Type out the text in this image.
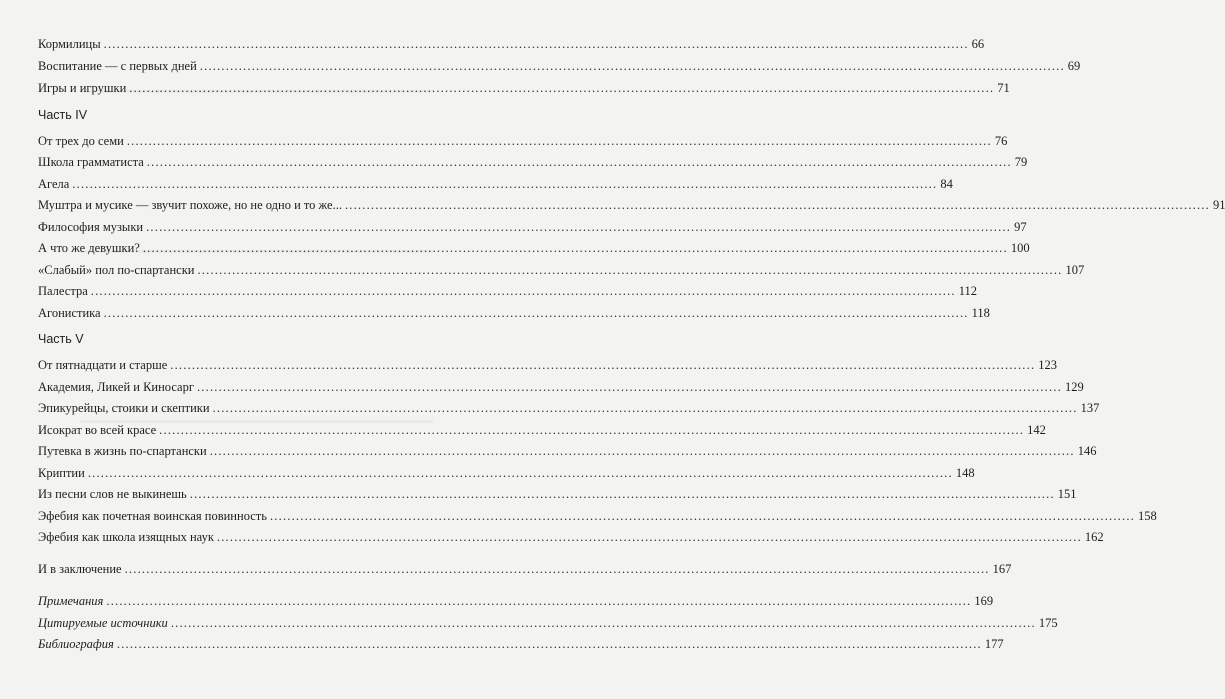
Кормилицы ........................................................................................................................................................................................................ 66
Воспитание — с первых дней ........................................................................................................................................................................................................ 69
Игры и игрушки ........................................................................................................................................................................................................ 71
Часть IV
От трех до семи ........................................................................................................................................................................................................ 76
Школа грамматиста ........................................................................................................................................................................................................ 79
Агела ........................................................................................................................................................................................................ 84
Муштра и мусике — звучит похоже, но не одно и то же... ........................................................................................................................................................................................................ 91
Философия музыки ........................................................................................................................................................................................................ 97
А что же девушки? ........................................................................................................................................................................................................ 100
«Слабый» пол по-спартански ........................................................................................................................................................................................................ 107
Палестра ........................................................................................................................................................................................................ 112
Агонистика ........................................................................................................................................................................................................ 118
Часть V
От пятнадцати и старше ........................................................................................................................................................................................................ 123
Академия, Ликей и Киносарг ........................................................................................................................................................................................................ 129
Эпикурейцы, стоики и скептики ........................................................................................................................................................................................................ 137
Исократ во всей красе ........................................................................................................................................................................................................ 142
Путевка в жизнь по-спартански ........................................................................................................................................................................................................ 146
Криптии ........................................................................................................................................................................................................ 148
Из песни слов не выкинешь ........................................................................................................................................................................................................ 151
Эфебия как почетная воинская повинность ........................................................................................................................................................................................................ 158
Эфебия как школа изящных наук ........................................................................................................................................................................................................ 162
И в заключение ........................................................................................................................................................................................................ 167
Примечания ........................................................................................................................................................................................................ 169
Цитируемые источники ........................................................................................................................................................................................................ 175
Библиография ........................................................................................................................................................................................................ 177
